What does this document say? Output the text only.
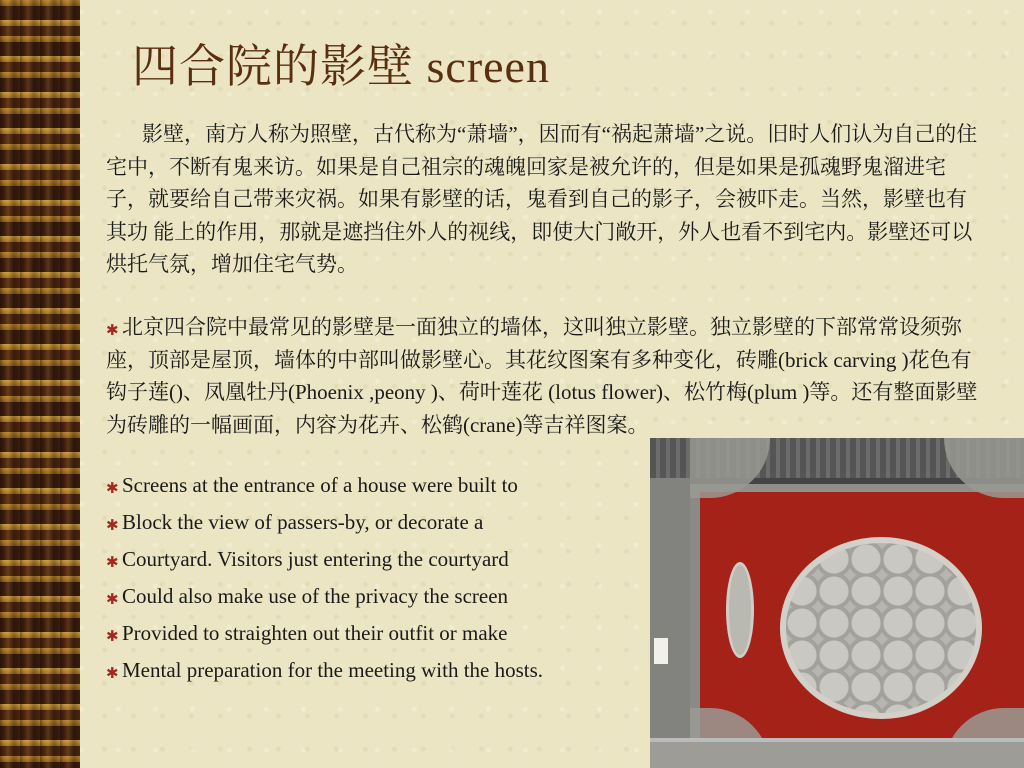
四合院的影壁 screen
影壁，南方人称为照壁，古代称为“萧墙”，因而有“祸起萧墙”之说。旧时人们认为自己的住宅中，不断有鬼来访。如果是自己祖宗的魂魄回家是被允许的，但是如果是孤魂野鬼溜进宅子，就要给自己带来灾祸。如果有影壁的话，鬼看到自己的影子，会被吓走。当然，影壁也有其功 能上的作用，那就是遮挡住外人的视线，即使大门敞开，外人也看不到宅内。影壁还可以烘托气氛，增加住宅气势。
✱ 北京四合院中最常见的影壁是一面独立的墙体，这叫独立影壁。独立影壁的下部常常设须弥座，顶部是屋顶，墙体的中部叫做影壁心。其花纹图案有多种变化，砖雕(brick carving )花色有钩子莲()、凤凰牡丹(Phoenix ,peony )、荷叶莲花 (lotus flower)、松竹梅(plum )等。还有整面影壁为砖雕的一幅画面，内容为花卉、松鹤(crane)等吉祥图案。
✱ Screens at the entrance of a house were built to
✱ Block the view of passers-by, or decorate a
✱ Courtyard. Visitors just entering the courtyard
✱ Could also make use of the privacy the screen
✱ Provided to straighten out their outfit or make
✱ Mental preparation for the meeting with the hosts.
